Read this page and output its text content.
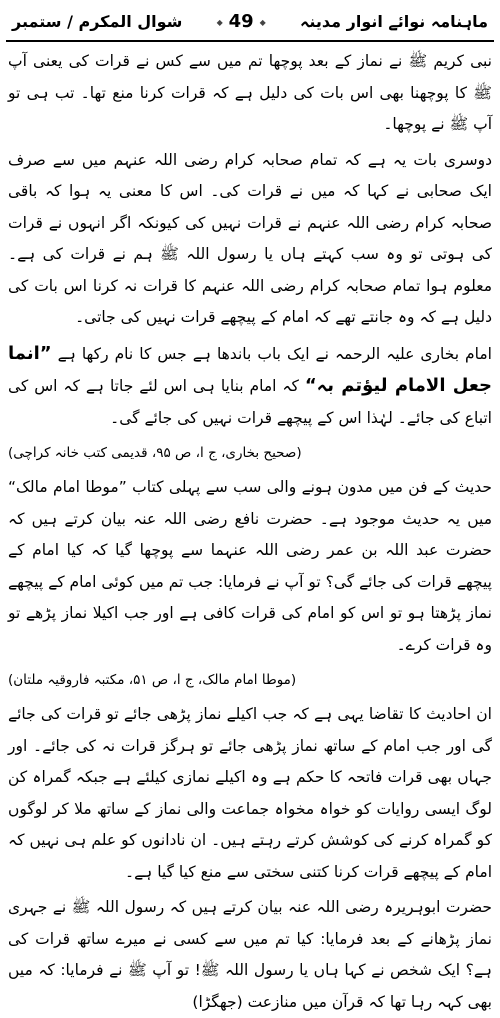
ماہنامہ نوائے انوار مدینہ
◆ 49 ◆
شوال المکرم / ستمبر

نبی کریم ﷺ نے نماز کے بعد پوچھا تم میں سے کس نے قرات کی یعنی آپ ﷺ کا پوچھنا بھی اس بات کی دلیل ہے کہ قرات کرنا منع تھا۔ تب ہی تو آپ ﷺ نے پوچھا۔

دوسری بات یہ ہے کہ تمام صحابہ کرام رضی اللہ عنہم میں سے صرف ایک صحابی نے کہا کہ میں نے قرات کی۔ اس کا معنی یہ ہوا کہ باقی صحابہ کرام رضی اللہ عنہم نے قرات نہیں کی کیونکہ اگر انہوں نے قرات کی ہوتی تو وہ سب کہتے ہاں یا رسول اللہ ﷺ ہم نے قرات کی ہے۔ معلوم ہوا تمام صحابہ کرام رضی اللہ عنہم کا قرات نہ کرنا اس بات کی دلیل ہے کہ وہ جانتے تھے کہ امام کے پیچھے قرات نہیں کی جاتی۔

امام بخاری علیہ الرحمہ نے ایک باب باندھا ہے جس کا نام رکھا ہے ”انما جعل الامام لیؤتم بہ“ کہ امام بنایا ہی اس لئے جاتا ہے کہ اس کی اتباع کی جائے۔ لہٰذا اس کے پیچھے قرات نہیں کی جائے گی۔

(صحیح بخاری، ج ا، ص ۹۵، قدیمی کتب خانہ کراچی)

حدیث کے فن میں مدون ہونے والی سب سے پہلی کتاب ”موطا امام مالک“ میں یہ حدیث موجود ہے۔ حضرت نافع رضی اللہ عنہ بیان کرتے ہیں کہ حضرت عبد اللہ بن عمر رضی اللہ عنہما سے پوچھا گیا کہ کیا امام کے پیچھے قرات کی جائے گی؟ تو آپ نے فرمایا: جب تم میں کوئی امام کے پیچھے نماز پڑھتا ہو تو اس کو امام کی قرات کافی ہے اور جب اکیلا نماز پڑھے تو وہ قرات کرے۔

(موطا امام مالک، ج ا، ص ۵۱، مکتبہ فاروقیہ ملتان)

ان احادیث کا تقاضا یہی ہے کہ جب اکیلے نماز پڑھی جائے تو قرات کی جائے گی اور جب امام کے ساتھ نماز پڑھی جائے تو ہرگز قرات نہ کی جائے۔ اور جہاں بھی قرات فاتحہ کا حکم ہے وہ اکیلے نمازی کیلئے ہے جبکہ گمراہ کن لوگ ایسی روایات کو خواہ مخواہ جماعت والی نماز کے ساتھ ملا کر لوگوں کو گمراہ کرنے کی کوشش کرتے رہتے ہیں۔ ان نادانوں کو علم ہی نہیں کہ امام کے پیچھے قرات کرنا کتنی سختی سے منع کیا گیا ہے۔

حضرت ابوہریرہ رضی اللہ عنہ بیان کرتے ہیں کہ رسول اللہ ﷺ نے جہری نماز پڑھانے کے بعد فرمایا: کیا تم میں سے کسی نے میرے ساتھ قرات کی ہے؟ ایک شخص نے کہا ہاں یا رسول اللہ ﷺ! تو آپ ﷺ نے فرمایا: کہ میں بھی کہہ رہا تھا کہ قرآن میں منازعت (جھگڑا)
